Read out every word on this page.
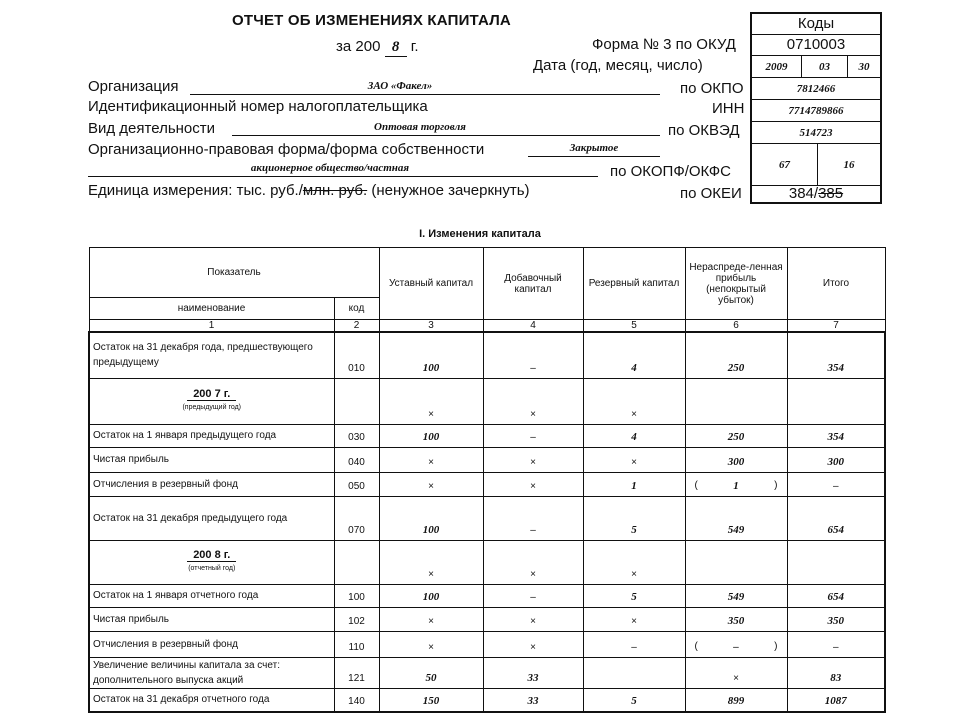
ОТЧЕТ ОБ ИЗМЕНЕНИЯХ КАПИТАЛА
за 200 8 г.	Форма № 3 по ОКУД
Дата (год, месяц, число)
Организация	ЗАО «Факел»	по ОКПО
Идентификационный номер налогоплательщика	ИНН
Вид деятельности	Оптовая торговля	по ОКВЭД
Организационно-правовая форма/форма собственности	Закрытое
акционерное общество/частная	по ОКОПФ/ОКФС
Единица измерения: тыс. руб./млн. руб. (ненужное зачеркнуть)	по ОКЕИ
Коды
0710003
2009	03	30
7812466
7714789866
514723
67	16
384/385
I. Изменения капитала
Показатель		Уставный капитал	Добавочный капитал	Резервный капитал	Нераспреде-ленная прибыль (непокрытый убыток)	Итого
наименование	код					
1	2	3	4	5	6	7
Остаток на 31 декабря года, предшествующего предыдущему	010	100	–	4	250	354

200 7 г.
(предыдущий год)		×	×	×		
Остаток на 1 января предыдущего года	030	100	–	4	250	354
Чистая прибыль	040	×	×	×	300	300
Отчисления в резервный фонд	050	×	×	1	( 1 )	–
Остаток на 31 декабря предыдущего года	070	100	–	5	549	654

200 8 г.
(отчетный год)		×	×	×		
Остаток на 1 января отчетного года	100	100	–	5	549	654
Чистая прибыль	102	×	×	×	350	350
Отчисления в резервный фонд	110	×	×	–	( – )	–
Увеличение величины капитала за счет: дополнительного выпуска акций	121	50	33		×	83
Остаток на 31 декабря отчетного года	140	150	33	5	899	1087
